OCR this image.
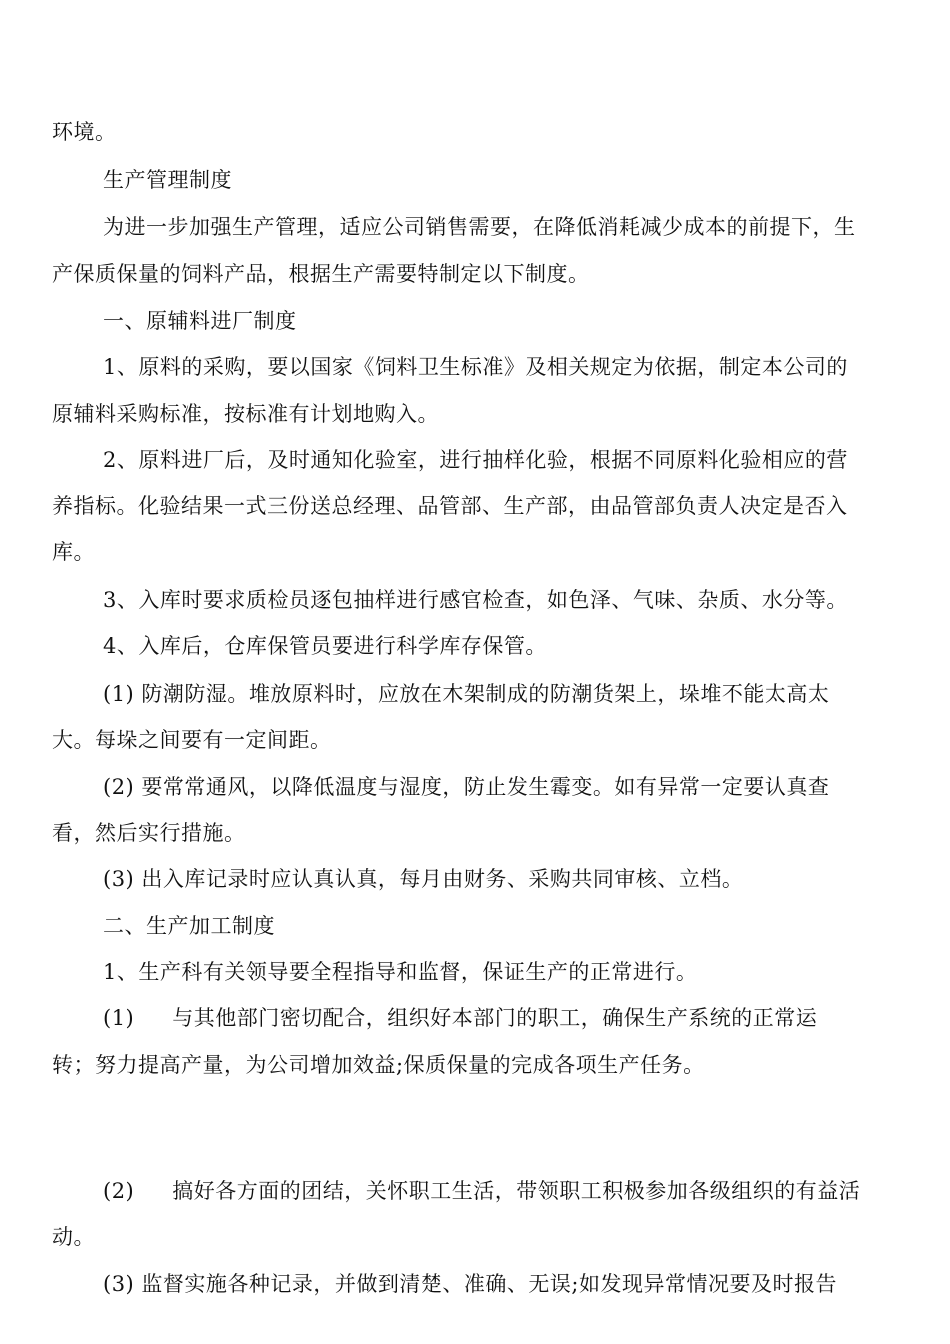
环境。
生产管理制度
为进一步加强生产管理，适应公司销售需要，在降低消耗减少成本的前提下，生
产保质保量的饲料产品，根据生产需要特制定以下制度。
一、原辅料进厂制度
1、原料的采购，要以国家《饲料卫生标准》及相关规定为依据，制定本公司的
原辅料采购标准，按标准有计划地购入。
2、原料进厂后，及时通知化验室，进行抽样化验，根据不同原料化验相应的营
养指标。化验结果一式三份送总经理、品管部、生产部，由品管部负责人决定是否入
库。
3、入库时要求质检员逐包抽样进行感官检查，如色泽、气味、杂质、水分等。
4、入库后，仓库保管员要进行科学库存保管。
(1) 防潮防湿。堆放原料时，应放在木架制成的防潮货架上，垛堆不能太高太
大。每垛之间要有一定间距。
(2) 要常常通风，以降低温度与湿度，防止发生霉变。如有异常一定要认真查
看，然后实行措施。
(3) 出入库记录时应认真认真，每月由财务、采购共同审核、立档。
二、生产加工制度
1、生产科有关领导要全程指导和监督，保证生产的正常进行。
(1) 与其他部门密切配合，组织好本部门的职工，确保生产系统的正常运
转；努力提高产量，为公司增加效益;保质保量的完成各项生产任务。
(2) 搞好各方面的团结，关怀职工生活，带领职工积极参加各级组织的有益活
动。
(3) 监督实施各种记录，并做到清楚、准确、无误;如发现异常情况要及时报告
